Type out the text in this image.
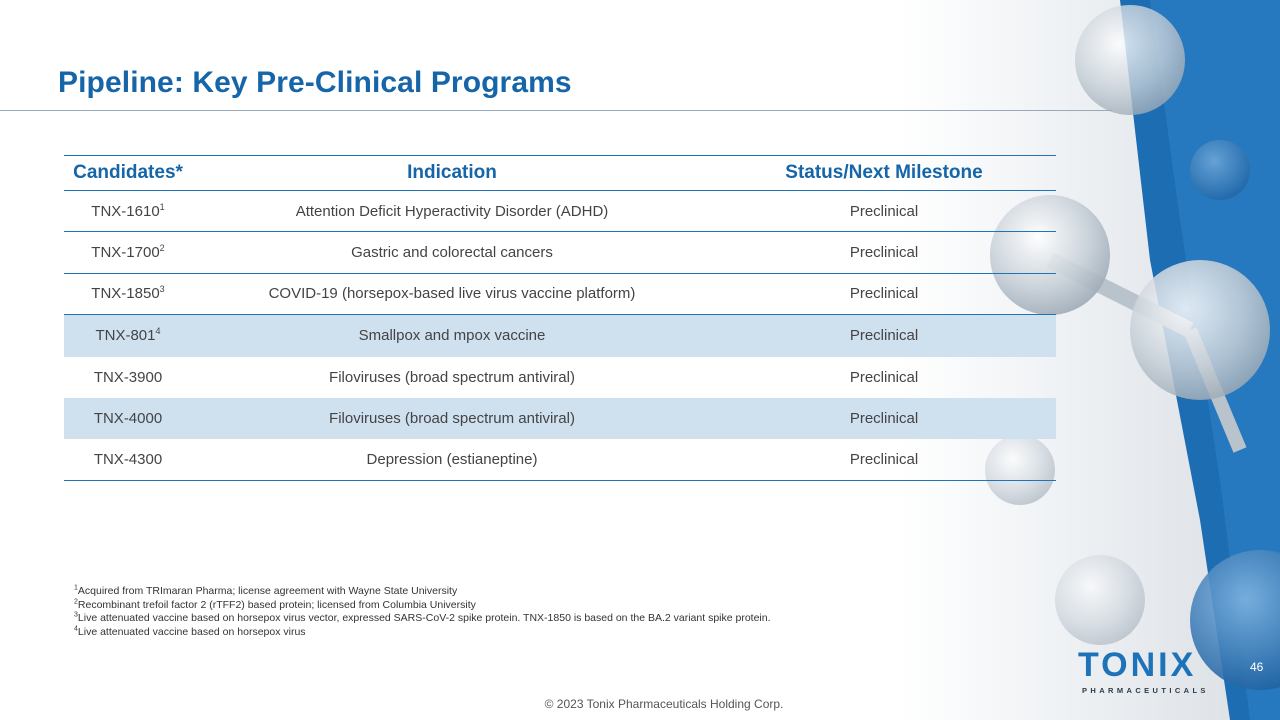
Pipeline: Key Pre-Clinical Programs
Candidates*	Indication	Status/Next Milestone
TNX-1610$^1$	Attention Deficit Hyperactivity Disorder (ADHD)	Preclinical
TNX-1700$^2$	Gastric and colorectal cancers	Preclinical
TNX-1850$^3$	COVID-19 (horsepox-based live virus vaccine platform)	Preclinical
TNX-$801^4$	Smallpox and mpox vaccine	Preclinical
TNX-3900	Filoviruses (broad spectrum antiviral)	Preclinical
TNX-4000	Filoviruses (broad spectrum antiviral)	Preclinical
TNX-4300	Depression (estianeptine)	Preclinical
$^1$Acquired from TRImaran Pharma; license agreement with Wayne State University
$^2$Recombinant trefoil factor 2 (rTFF2) based protein; licensed from Columbia University
$^3$Live attenuated vaccine based on horsepox virus vector, expressed SARS-CoV-2 spike protein. TNX-1850 is based on the BA.2 variant spike protein.
$^4$Live attenuated vaccine based on horsepox virus
TONIX
PHARMACEUTICALS
46
© 2023 Tonix Pharmaceuticals Holding Corp.
